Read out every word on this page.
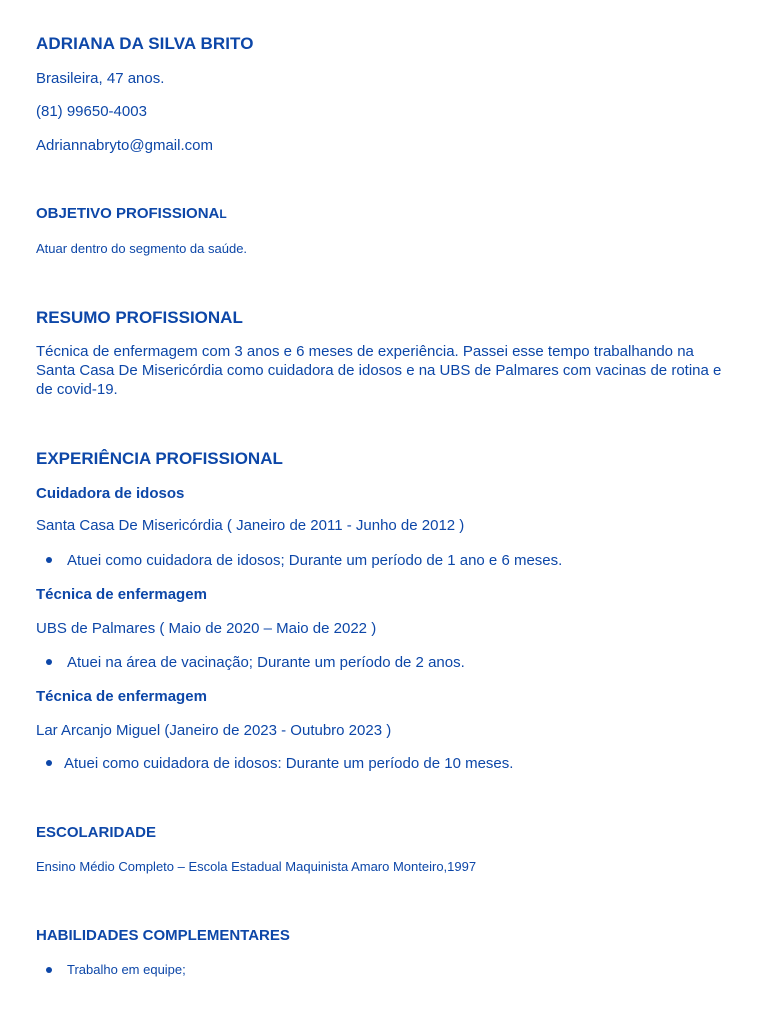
ADRIANA DA SILVA BRITO
Brasileira, 47 anos.
(81) 99650-4003
Adriannabryto@gmail.com
OBJETIVO PROFISSIONAL
Atuar dentro do segmento da saúde.
RESUMO PROFISSIONAL

Técnica de enfermagem com 3 anos e 6 meses de experiência. Passei esse tempo trabalhando na Santa Casa De Misericórdia como cuidadora de idosos e na UBS de Palmares com vacinas de rotina e de covid-19.

EXPERIÊNCIA PROFISSIONAL
Cuidadora de idosos
Santa Casa De Misericórdia ( Janeiro de 2011 - Junho de 2012 )
Atuei como cuidadora de idosos; Durante um período de 1 ano e 6 meses.
Técnica de enfermagem
UBS de Palmares ( Maio de 2020 – Maio de 2022 )
Atuei na área de vacinação; Durante um período de 2 anos.
Técnica de enfermagem
Lar Arcanjo Miguel (Janeiro de 2023 - Outubro 2023 )
Atuei como cuidadora de idosos: Durante um período de 10 meses.
ESCOLARIDADE
Ensino Médio Completo – Escola Estadual Maquinista Amaro Monteiro,1997
HABILIDADES COMPLEMENTARES
Trabalho em equipe;
